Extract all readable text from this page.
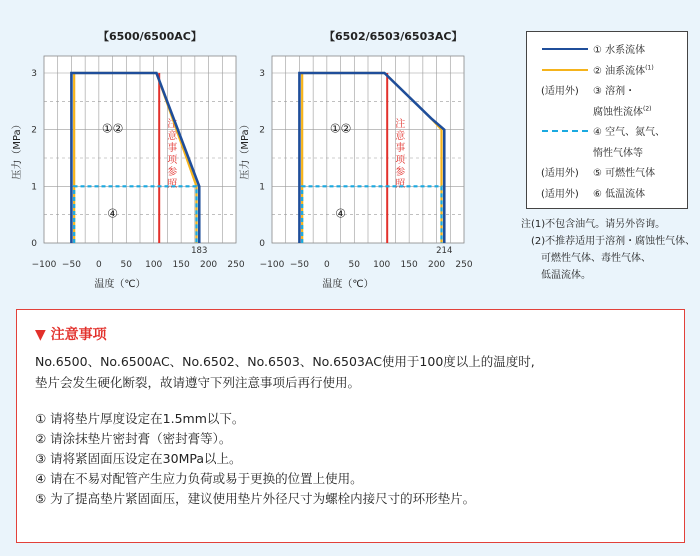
【6500/6500AC】	【6502/6503/6503AC】
−100 −50 0 50 100 150 200 250
0
1
2
3
温度（℃）
压力（MPa）	注
意
事
项
参
照
①②
④
183
−100 −50 0 50 100 150 200 250
0
1
2
3
温度（℃）
压力（MPa）	注
意
事
项
参
照
①②
④
214
① 水系流体
② 油系流体$^{(1)}$
(适用外) ③ 溶剂・
腐蚀性流体$^{(2)}$
④ 空气、氮气、
惰性气体等
(适用外) ⑤ 可燃性气体
(适用外) ⑥ 低温流体
注(1)不包含油气。请另外咨询。
　(2)不推荐适用于溶剂・腐蚀性气体、
　　可燃性气体、毒性气体、
　　低温流体。
▼ 注意事项
No.6500、No.6500AC、No.6502、No.6503、No.6503AC使用于100度以上的温度时,
垫片会发生硬化断裂，故请遵守下列注意事项后再行使用。
① 请将垫片厚度设定在1.5mm以下。
② 请涂抹垫片密封膏（密封膏等）。
③ 请将紧固面压设定在30MPa以上。
④ 请在不易对配管产生应力负荷或易于更换的位置上使用。
⑤ 为了提高垫片紧固面压，建议使用垫片外径尺寸为螺栓内接尺寸的环形垫片。
